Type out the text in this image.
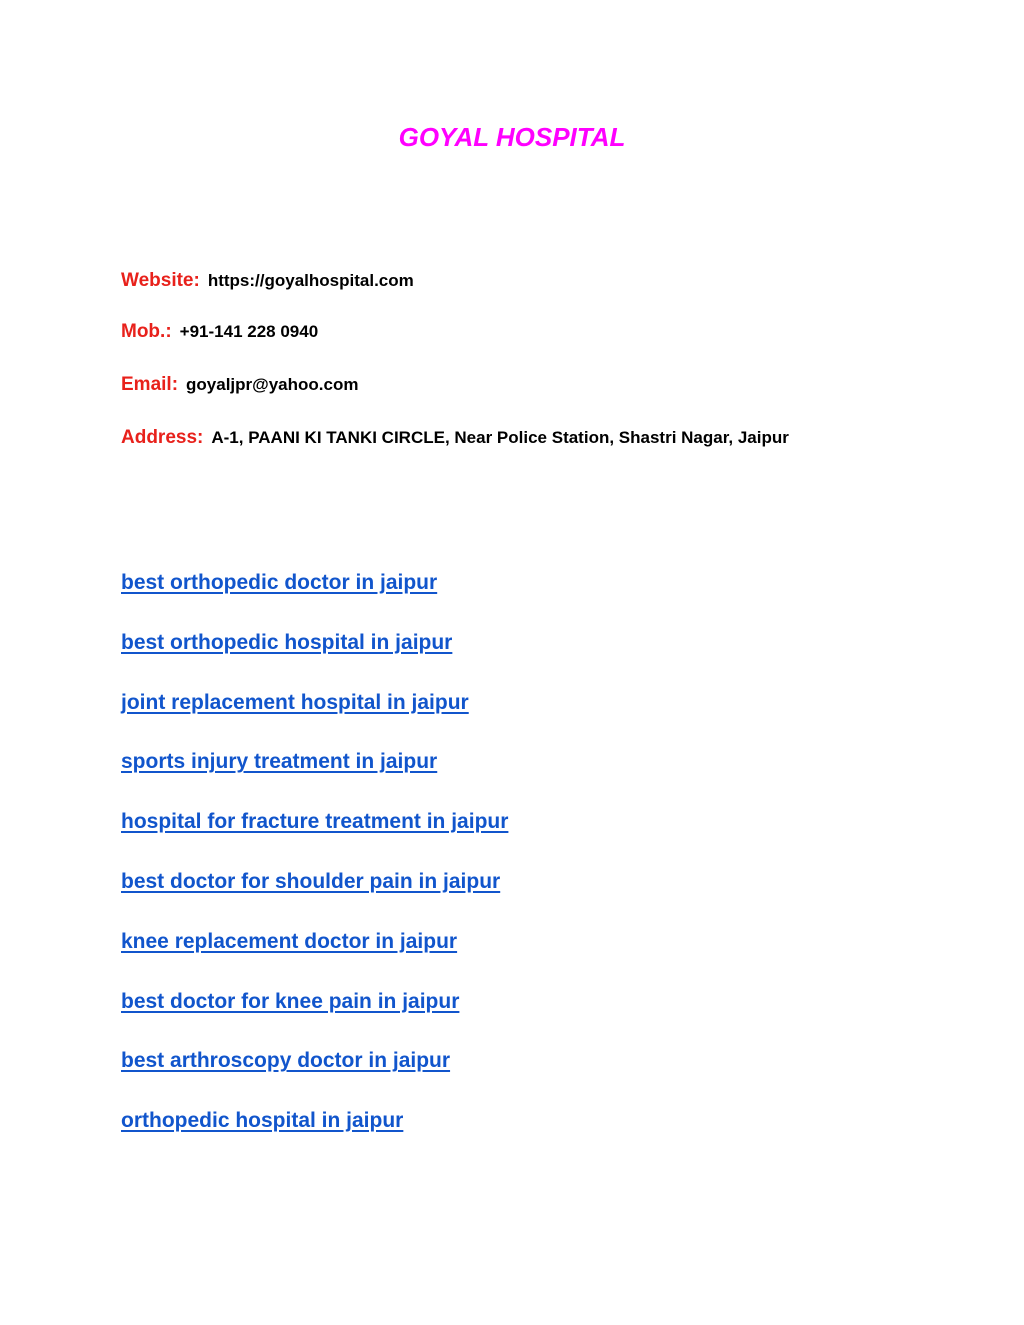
GOYAL HOSPITAL
Website: https://goyalhospital.com
Mob.: +91-141 228 0940
Email: goyaljpr@yahoo.com
Address: A-1, PAANI KI TANKI CIRCLE, Near Police Station, Shastri Nagar, Jaipur
best orthopedic doctor in jaipur
best orthopedic hospital in jaipur
joint replacement hospital in jaipur
sports injury treatment in jaipur
hospital for fracture treatment in jaipur
best doctor for shoulder pain in jaipur
knee replacement doctor in jaipur
best doctor for knee pain in jaipur
best arthroscopy doctor in jaipur
orthopedic hospital in jaipur
